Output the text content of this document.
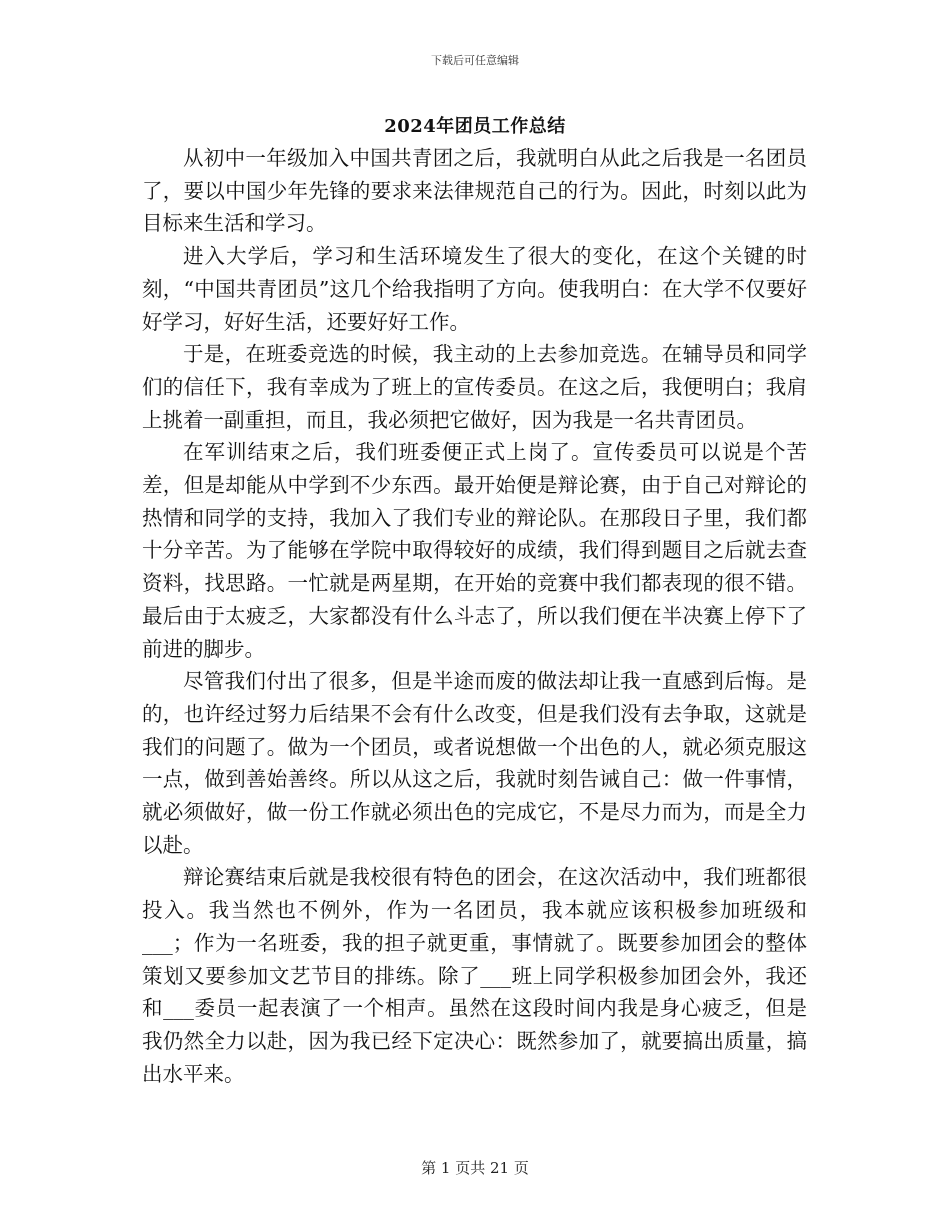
下载后可任意编辑
2024年团员工作总结

从初中一年级加入中国共青团之后，我就明白从此之后我是一名团员了，要以中国少年先锋的要求来法律规范自己的行为。因此，时刻以此为目标来生活和学习。

进入大学后，学习和生活环境发生了很大的变化，在这个关键的时刻，“中国共青团员”这几个给我指明了方向。使我明白：在大学不仅要好好学习，好好生活，还要好好工作。

于是，在班委竞选的时候，我主动的上去参加竞选。在辅导员和同学们的信任下，我有幸成为了班上的宣传委员。在这之后，我便明白；我肩上挑着一副重担，而且，我必须把它做好，因为我是一名共青团员。

在军训结束之后，我们班委便正式上岗了。宣传委员可以说是个苦差，但是却能从中学到不少东西。最开始便是辩论赛，由于自己对辩论的热情和同学的支持，我加入了我们专业的辩论队。在那段日子里，我们都十分辛苦。为了能够在学院中取得较好的成绩，我们得到题目之后就去查资料，找思路。一忙就是两星期，在开始的竞赛中我们都表现的很不错。最后由于太疲乏，大家都没有什么斗志了，所以我们便在半决赛上停下了前进的脚步。

尽管我们付出了很多，但是半途而废的做法却让我一直感到后悔。是的，也许经过努力后结果不会有什么改变，但是我们没有去争取，这就是我们的问题了。做为一个团员，或者说想做一个出色的人，就必须克服这一点，做到善始善终。所以从这之后，我就时刻告诫自己：做一件事情，就必须做好，做一份工作就必须出色的完成它，不是尽力而为，而是全力以赴。

辩论赛结束后就是我校很有特色的团会，在这次活动中，我们班都很投入。我当然也不例外，作为一名团员，我本就应该积极参加班级和___；作为一名班委，我的担子就更重，事情就了。既要参加团会的整体策划又要参加文艺节目的排练。除了___班上同学积极参加团会外，我还和___委员一起表演了一个相声。虽然在这段时间内我是身心疲乏，但是我仍然全力以赴，因为我已经下定决心：既然参加了，就要搞出质量，搞出水平来。

第 1 页共 21 页
